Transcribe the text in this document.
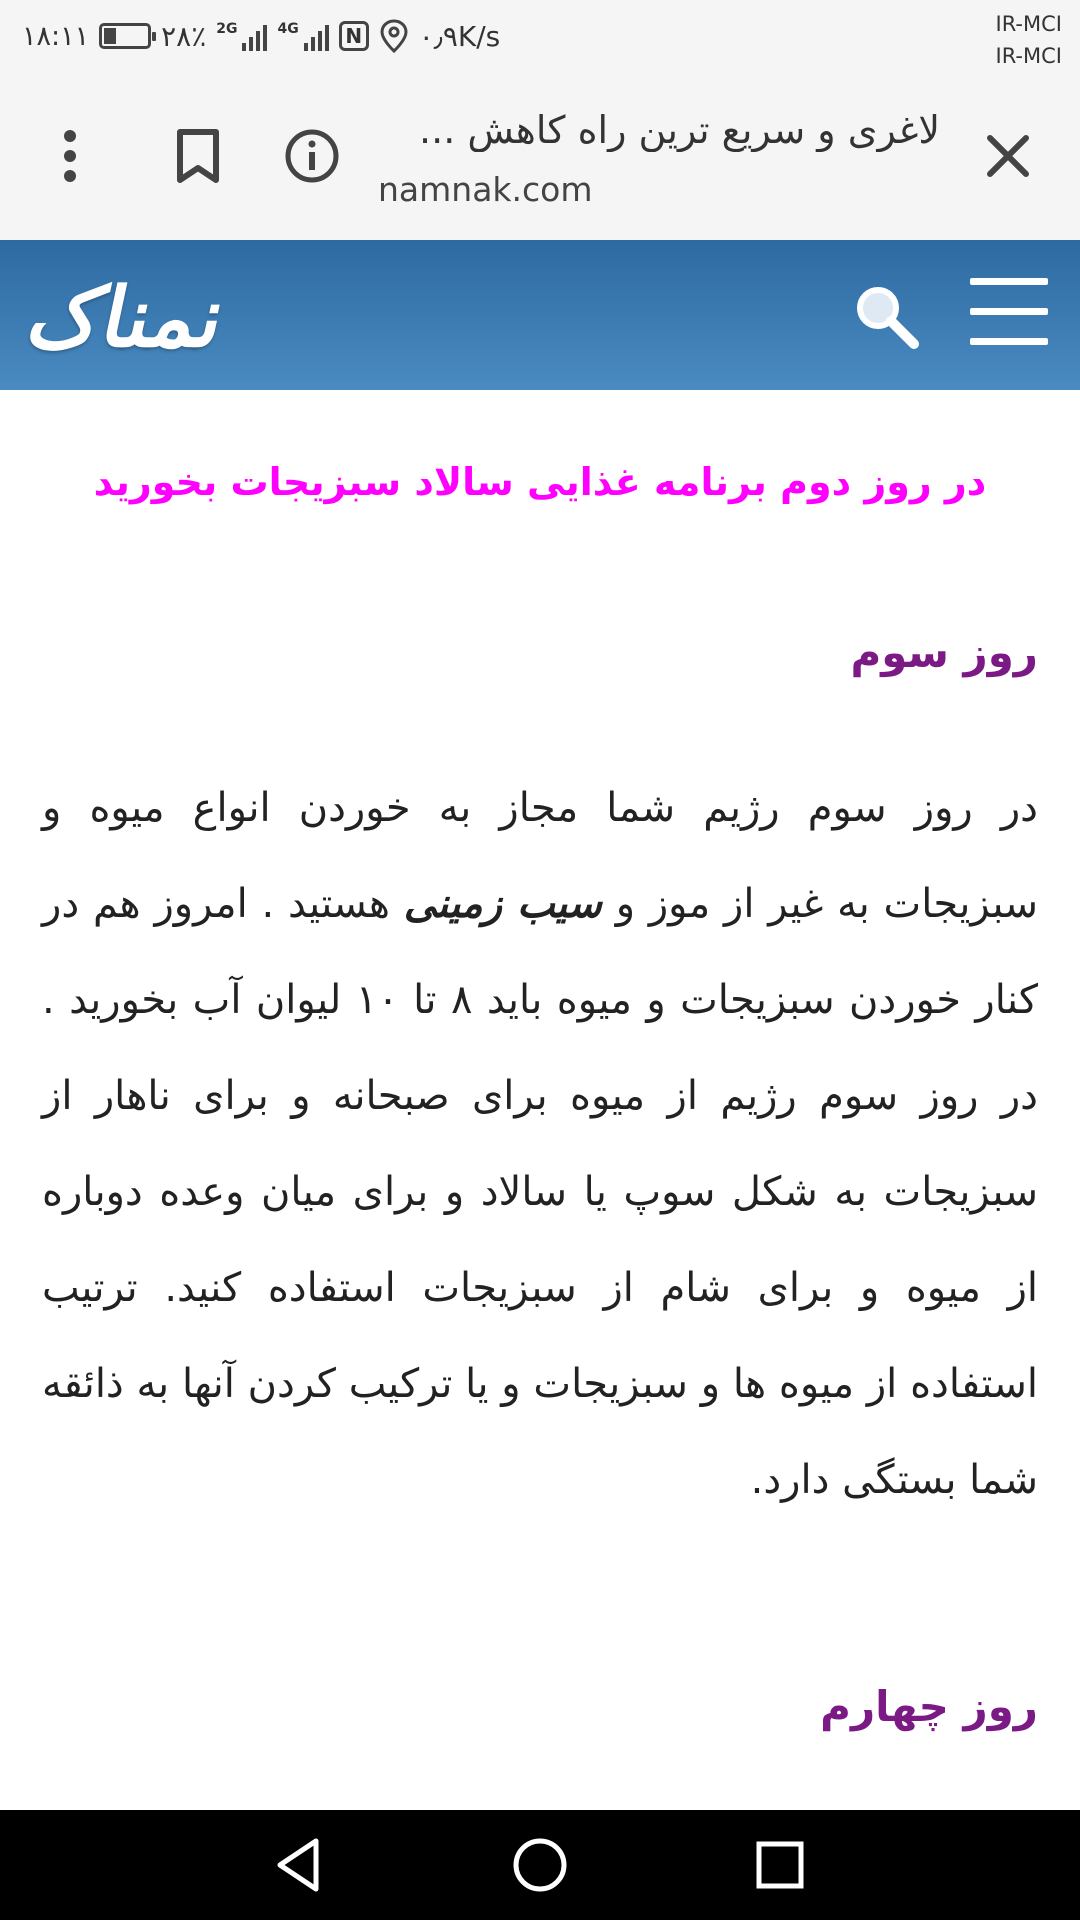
۱۸:۱۱	۲۸٪ 2G	4G	N ۰٫۹K/s	IR-MCI
IR-MCI
لاغری و سریع ترین راه کاهش ...
namnak.com
نمناک
در روز دوم برنامه غذایی سالاد سبزیجات بخورید
روز سوم
در روز سوم رژیم شما مجاز به خوردن انواع میوه و سبزیجات به غیر از موز و سیب زمینی هستید . امروز هم در کنار خوردن سبزیجات و میوه باید ۸ تا ۱۰ لیوان آب بخورید . در روز سوم رژیم از میوه برای صبحانه و برای ناهار از سبزیجات به شکل سوپ یا سالاد و برای میان وعده دوباره از میوه و برای شام از سبزیجات استفاده کنید. ترتیب استفاده از میوه ها و سبزیجات و یا ترکیب کردن آنها به ذائقه شما بستگی دارد.
روز چهارم
